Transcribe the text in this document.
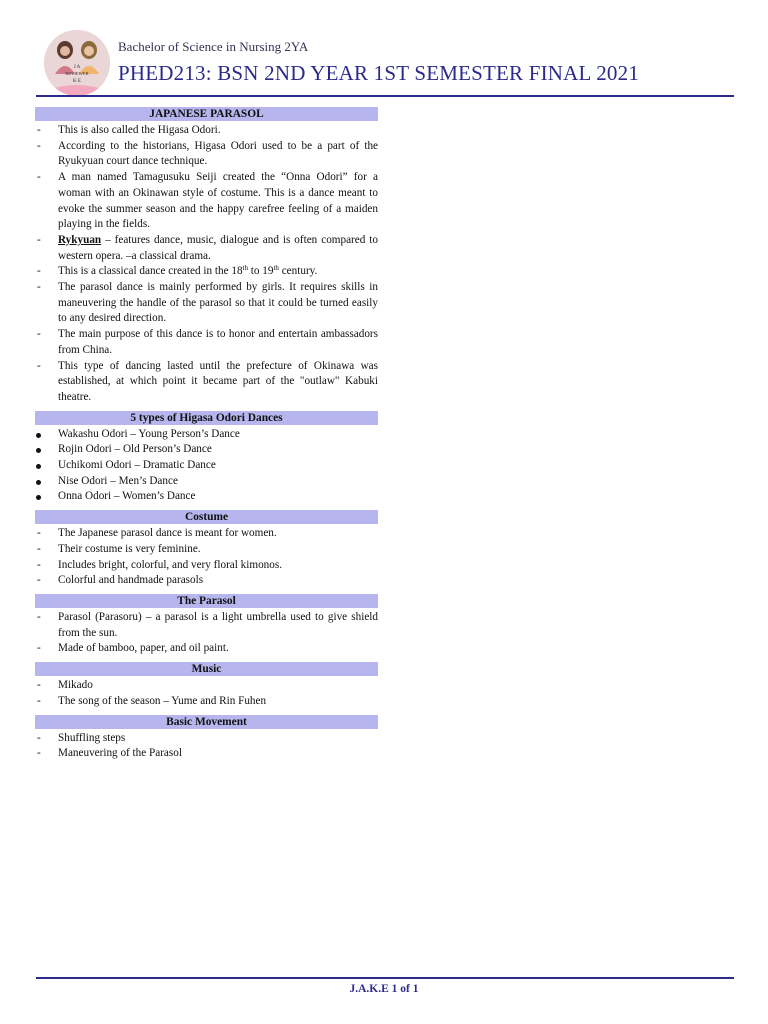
J A
REVIEWER
K E
Bachelor of Science in Nursing 2YA
PHED213: BSN 2ND YEAR 1ST SEMESTER FINAL 2021
JAPANESE PARASOL
- This is also called the Higasa Odori.
- According to the historians, Higasa Odori used to be a part of the Ryukyuan court dance technique.
- A man named Tamagusuku Seiji created the “Onna Odori” for a woman with an Okinawan style of costume. This is a dance meant to evoke the summer season and the happy carefree feeling of a maiden playing in the fields.
- Rykyuan – features dance, music, dialogue and is often compared to western opera. –a classical drama.
- This is a classical dance created in the 18th to 19th century.
- The parasol dance is mainly performed by girls. It requires skills in maneuvering the handle of the parasol so that it could be turned easily to any desired direction.
- The main purpose of this dance is to honor and entertain ambassadors from China.
- This type of dancing lasted until the prefecture of Okinawa was established, at which point it became part of the "outlaw" Kabuki theatre.
5 types of Higasa Odori Dances
Wakashu Odori – Young Person’s Dance
Rojin Odori – Old Person’s Dance
Uchikomi Odori – Dramatic Dance
Nise Odori – Men’s Dance
Onna Odori – Women’s Dance
Costume
- The Japanese parasol dance is meant for women.
- Their costume is very feminine.
- Includes bright, colorful, and very floral kimonos.
- Colorful and handmade parasols
The Parasol
- Parasol (Parasoru) – a parasol is a light umbrella used to give shield from the sun.
- Made of bamboo, paper, and oil paint.
Music
- Mikado
- The song of the season – Yume and Rin Fuhen
Basic Movement
- Shuffling steps
- Maneuvering of the Parasol
J.A.K.E 1 of 1
